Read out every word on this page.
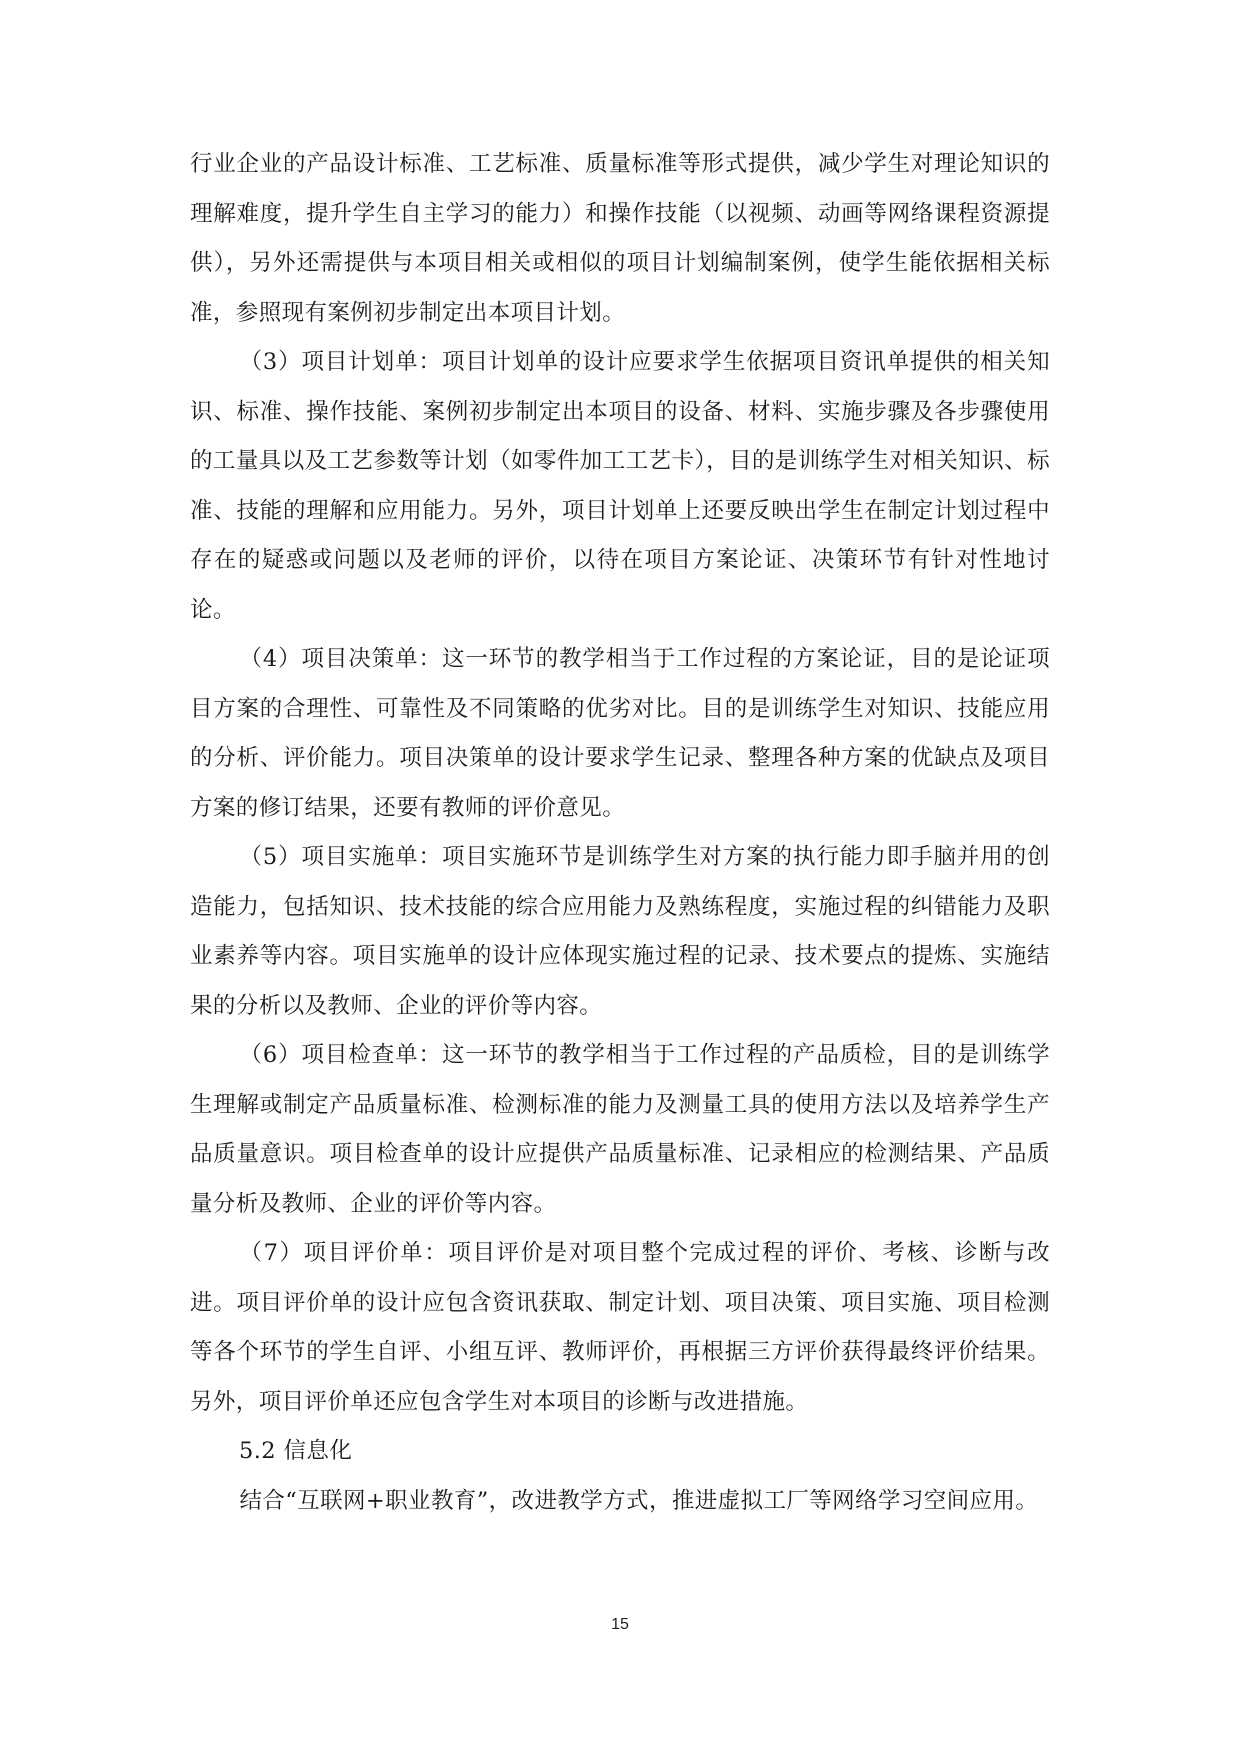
行业企业的产品设计标准、工艺标准、质量标准等形式提供，减少学生对理论知识的理解难度，提升学生自主学习的能力）和操作技能（以视频、动画等网络课程资源提供），另外还需提供与本项目相关或相似的项目计划编制案例，使学生能依据相关标准，参照现有案例初步制定出本项目计划。

（3）项目计划单：项目计划单的设计应要求学生依据项目资讯单提供的相关知识、标准、操作技能、案例初步制定出本项目的设备、材料、实施步骤及各步骤使用的工量具以及工艺参数等计划（如零件加工工艺卡），目的是训练学生对相关知识、标准、技能的理解和应用能力。另外，项目计划单上还要反映出学生在制定计划过程中存在的疑惑或问题以及老师的评价，以待在项目方案论证、决策环节有针对性地讨论。

（4）项目决策单：这一环节的教学相当于工作过程的方案论证，目的是论证项目方案的合理性、可靠性及不同策略的优劣对比。目的是训练学生对知识、技能应用的分析、评价能力。项目决策单的设计要求学生记录、整理各种方案的优缺点及项目方案的修订结果，还要有教师的评价意见。

（5）项目实施单：项目实施环节是训练学生对方案的执行能力即手脑并用的创造能力，包括知识、技术技能的综合应用能力及熟练程度，实施过程的纠错能力及职业素养等内容。项目实施单的设计应体现实施过程的记录、技术要点的提炼、实施结果的分析以及教师、企业的评价等内容。

（6）项目检查单：这一环节的教学相当于工作过程的产品质检，目的是训练学生理解或制定产品质量标准、检测标准的能力及测量工具的使用方法以及培养学生产品质量意识。项目检查单的设计应提供产品质量标准、记录相应的检测结果、产品质量分析及教师、企业的评价等内容。

（7）项目评价单：项目评价是对项目整个完成过程的评价、考核、诊断与改进。项目评价单的设计应包含资讯获取、制定计划、项目决策、项目实施、项目检测等各个环节的学生自评、小组互评、教师评价，再根据三方评价获得最终评价结果。另外，项目评价单还应包含学生对本项目的诊断与改进措施。

5.2 信息化

结合“互联网+职业教育”，改进教学方式，推进虚拟工厂等网络学习空间应用。

15
